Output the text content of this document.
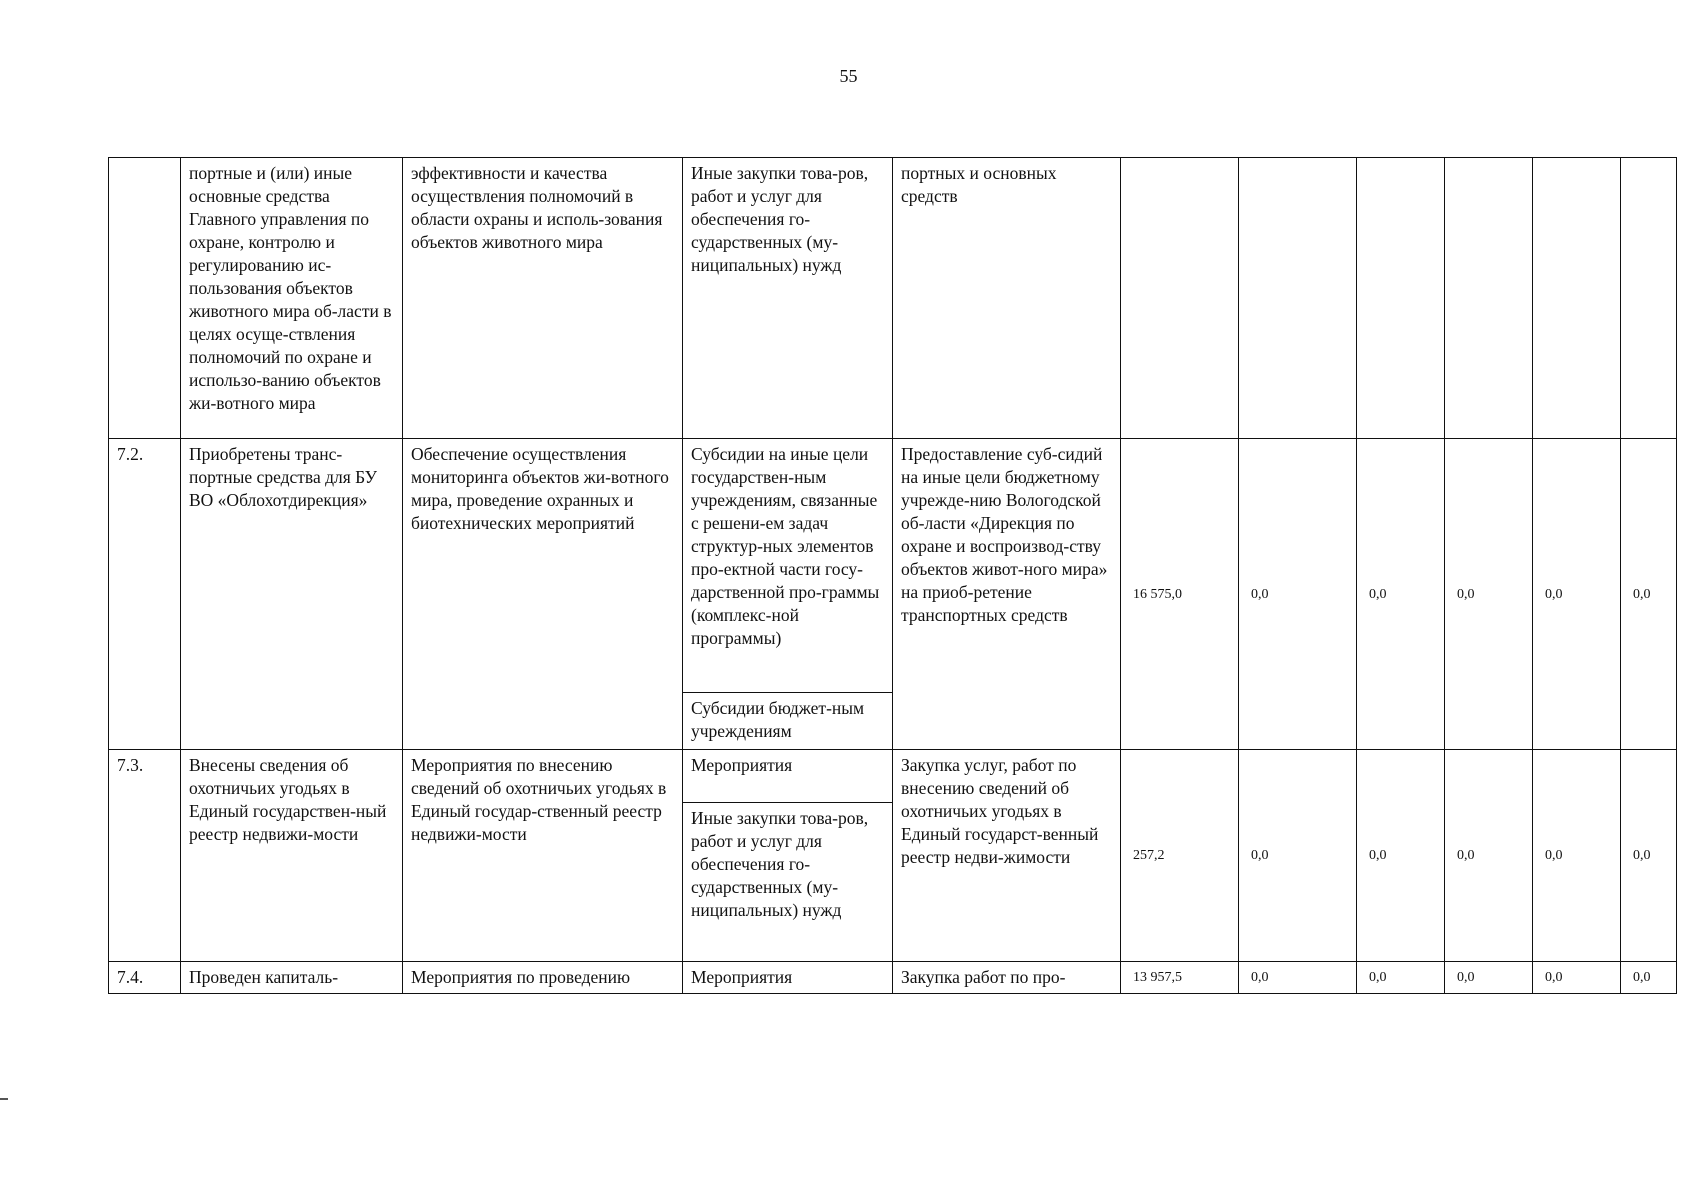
55
	портные и (или) иные основные средства Главного управления по охране, контролю и регулированию ис-пользования объектов животного мира об-ласти в целях осуще-ствления полномочий по охране и использо-ванию объектов жи-вотного мира	эффективности и качества осуществления полномочий в области охраны и исполь-зования объектов животного мира	Иные закупки това-ров, работ и услуг для обеспечения го-сударственных (му-ниципальных) нужд	портных и основных средств						
7.2.	Приобретены транс-портные средства для БУ ВО «Облохотдирекция»	Обеспечение осуществления мониторинга объектов жи-вотного мира, проведение охранных и биотехнических мероприятий	Субсидии на иные цели государствен-ным учреждениям, связанные с решени-ем задач структур-ных элементов про-ектной части госу-дарственной про-граммы (комплекс-ной программы)	Предоставление суб-сидий на иные цели бюджетному учрежде-нию Вологодской об-ласти «Дирекция по охране и воспроизвод-ству объектов живот-ного мира» на приоб-ретение транспортных средств	16 575,0	0,0	0,0	0,0	0,0	0,0
			Субсидии бюджет-ным учреждениям							
7.3.	Внесены сведения об охотничьих угодьях в Единый государствен-ный реестр недвижи-мости	Мероприятия по внесению сведений об охотничьих угодьях в Единый государ-ственный реестр недвижи-мости	Мероприятия	Закупка услуг, работ по внесению сведений об охотничьих угодьях в Единый государст-венный реестр недви-жимости	257,2	0,0	0,0	0,0	0,0	0,0
			Иные закупки това-ров, работ и услуг для обеспечения го-сударственных (му-ниципальных) нужд							
7.4.	Проведен капиталь-	Мероприятия по проведению	Мероприятия	Закупка работ по про-	13 957,5	0,0	0,0	0,0	0,0	0,0
